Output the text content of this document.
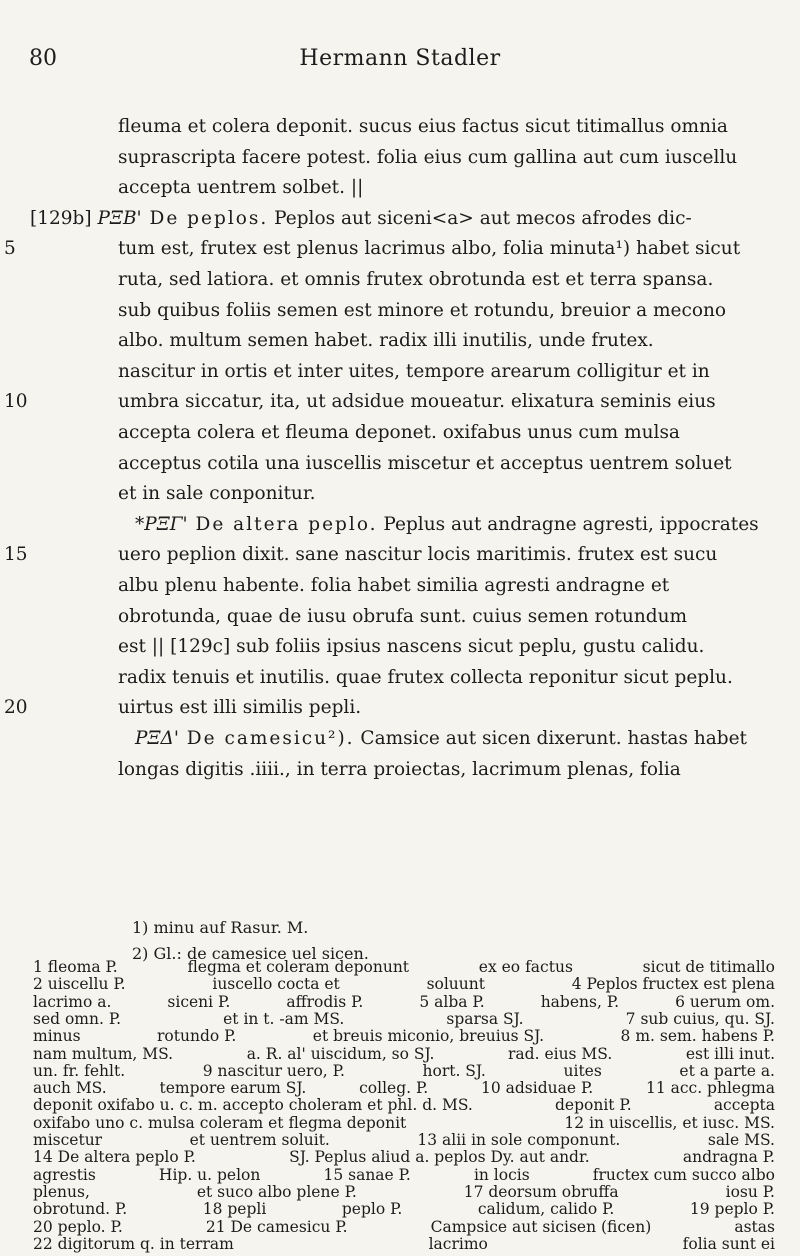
80	Hermann Stadler
fleuma et colera deponit. sucus eius factus sicut titimallus omnia
suprascripta facere potest. folia eius cum gallina aut cum iuscellu
accepta uentrem solbet. ||
[129b] PΞB' De peplos. Peplos aut siceni<a> aut mecos afrodes dic-
5	tum est, frutex est plenus lacrimus albo, folia minuta¹) habet sicut
ruta, sed latiora. et omnis frutex obrotunda est et terra spansa.
sub quibus foliis semen est minore et rotundu, breuior a mecono
albo. multum semen habet. radix illi inutilis, unde frutex.
nascitur in ortis et inter uites, tempore arearum colligitur et in
10	umbra siccatur, ita, ut adsidue moueatur. elixatura seminis eius
accepta colera et fleuma deponet. oxifabus unus cum mulsa
acceptus cotila una iuscellis miscetur et acceptus uentrem soluet
et in sale conponitur.
*PΞΓ' De altera peplo. Peplus aut andragne agresti, ippocrates
15	uero peplion dixit. sane nascitur locis maritimis. frutex est sucu
albu plenu habente. folia habet similia agresti andragne et
obrotunda, quae de iusu obrufa sunt. cuius semen rotundum
est || [129c] sub foliis ipsius nascens sicut peplu, gustu calidu.
radix tenuis et inutilis. quae frutex collecta reponitur sicut peplu.
20	uirtus est illi similis pepli.
PΞΔ' De camesicu²). Camsice aut sicen dixerunt. hastas habet
longas digitis .iiii., in terra proiectas, lacrimum plenas, folia
1) minu auf Rasur. M.
2) Gl.: de camesice uel sicen.
1 fleoma P.	flegma et coleram deponunt	ex eo factus	sicut de titimallo
2 uiscellu P.	iuscello cocta et	soluunt	4 Peplos fructex est plena
lacrimo a.	siceni P.	affrodis P.	5 alba P.	habens, P.	6 uerum om.
sed omn. P.	et in t. -am MS.	sparsa SJ.	7 sub cuius, qu. SJ.
minus	rotundo P.	et breuis miconio, breuius SJ.	8 m. sem. habens P.
nam multum, MS.	a. R. al' uiscidum, so SJ.	rad. eius MS.	est illi inut.
un. fr. fehlt.	9 nascitur uero, P.	hort. SJ.	uites	et a parte a.
auch MS.	tempore earum SJ.	colleg. P.	10 adsiduae P.	11 acc. phlegma
deponit oxifabo u. c. m. accepto choleram et phl. d. MS.	deponit P.	accepta
oxifabo uno c. mulsa coleram et flegma deponit	12 in uiscellis, et iusc. MS.
miscetur	et uentrem soluit.	13 alii in sole componunt.	sale MS.
14 De altera peplo P.	SJ. Peplus aliud a. peplos Dy. aut andr.	andragna P.
agrestis	Hip. u. pelon	15 sanae P.	in locis	fructex cum succo albo
plenus,	et suco albo plene P.	17 deorsum obruffa	iosu P.
obrotund. P.	18 pepli	peplo P.	calidum, calido P.	19 peplo P.
20 peplo. P.	21 De camesicu P.	Campsice aut sicisen (ficen)	astas
22 digitorum q. in terram	lacrimo	folia sunt ei
